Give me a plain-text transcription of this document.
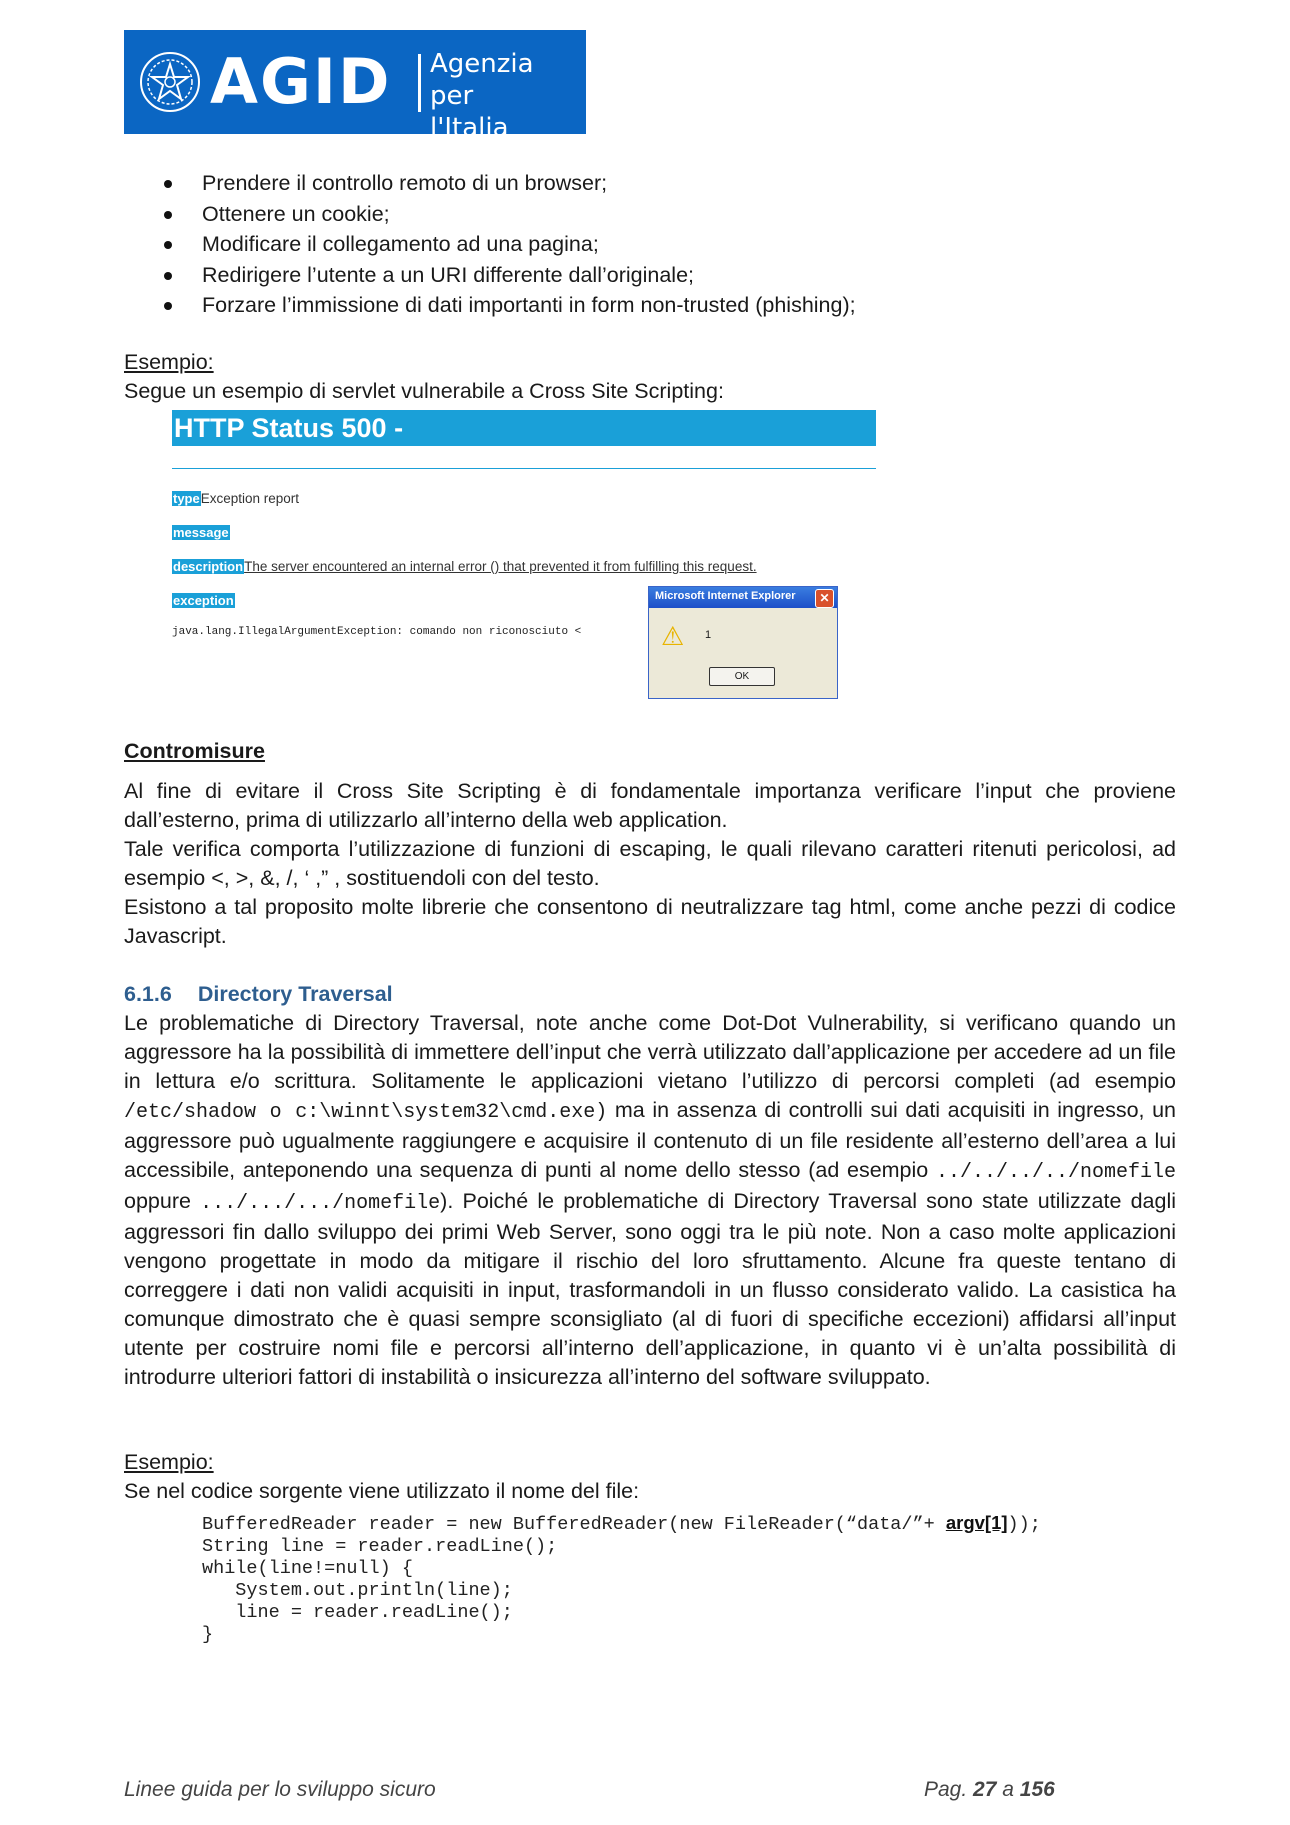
AGID Agenzia per
l'Italia digitale
Prendere il controllo remoto di un browser;
Ottenere un cookie;
Modificare il collegamento ad una pagina;
Redirigere l’utente a un URI differente dall’originale;
Forzare l’immissione di dati importanti in form non-trusted (phishing);
Esempio:
Segue un esempio di servlet vulnerabile a Cross Site Scripting:
HTTP Status 500 -
typeException report
message
descriptionThe server encountered an internal error () that prevented it from fulfilling this request.
exception
java.lang.IllegalArgumentException: comando non riconosciuto <
Microsoft Internet Explorer	✕
⚠ 1
OK
Contromisure

Al fine di evitare il Cross Site Scripting è di fondamentale importanza verificare l’input che proviene dall’esterno, prima di utilizzarlo all’interno della web application.

Tale verifica comporta l’utilizzazione di funzioni di escaping, le quali rilevano caratteri ritenuti pericolosi, ad esempio <, >, &, /, ‘ ,” , sostituendoli con del testo.

Esistono a tal proposito molte librerie che consentono di neutralizzare tag html, come anche pezzi di codice Javascript.

6.1.6 Directory Traversal

Le problematiche di Directory Traversal, note anche come Dot-Dot Vulnerability, si verificano quando un aggressore ha la possibilità di immettere dell’input che verrà utilizzato dall’applicazione per accedere ad un file in lettura e/o scrittura. Solitamente le applicazioni vietano l’utilizzo di percorsi completi (ad esempio /etc/shadow o c:\winnt\system32\cmd.exe) ma in assenza di controlli sui dati acquisiti in ingresso, un aggressore può ugualmente raggiungere e acquisire il contenuto di un file residente all’esterno dell’area a lui accessibile, anteponendo una sequenza di punti al nome dello stesso (ad esempio ../../../../nomefile oppure .../.../.../nomefile). Poiché le problematiche di Directory Traversal sono state utilizzate dagli aggressori fin dallo sviluppo dei primi Web Server, sono oggi tra le più note. Non a caso molte applicazioni vengono progettate in modo da mitigare il rischio del loro sfruttamento. Alcune fra queste tentano di correggere i dati non validi acquisiti in input, trasformandoli in un flusso considerato valido. La casistica ha comunque dimostrato che è quasi sempre sconsigliato (al di fuori di specifiche eccezioni) affidarsi all’input utente per costruire nomi file e percorsi all’interno dell’applicazione, in quanto vi è un’alta possibilità di introdurre ulteriori fattori di instabilità o insicurezza all’interno del software sviluppato.

Esempio:
Se nel codice sorgente viene utilizzato il nome del file:
BufferedReader reader = new BufferedReader(new FileReader(“data/”+ argv[1]));
String line = reader.readLine();
while(line!=null) {
System.out.println(line);
line = reader.readLine();
}
Linee guida per lo sviluppo sicuro	Pag. 27 a 156
